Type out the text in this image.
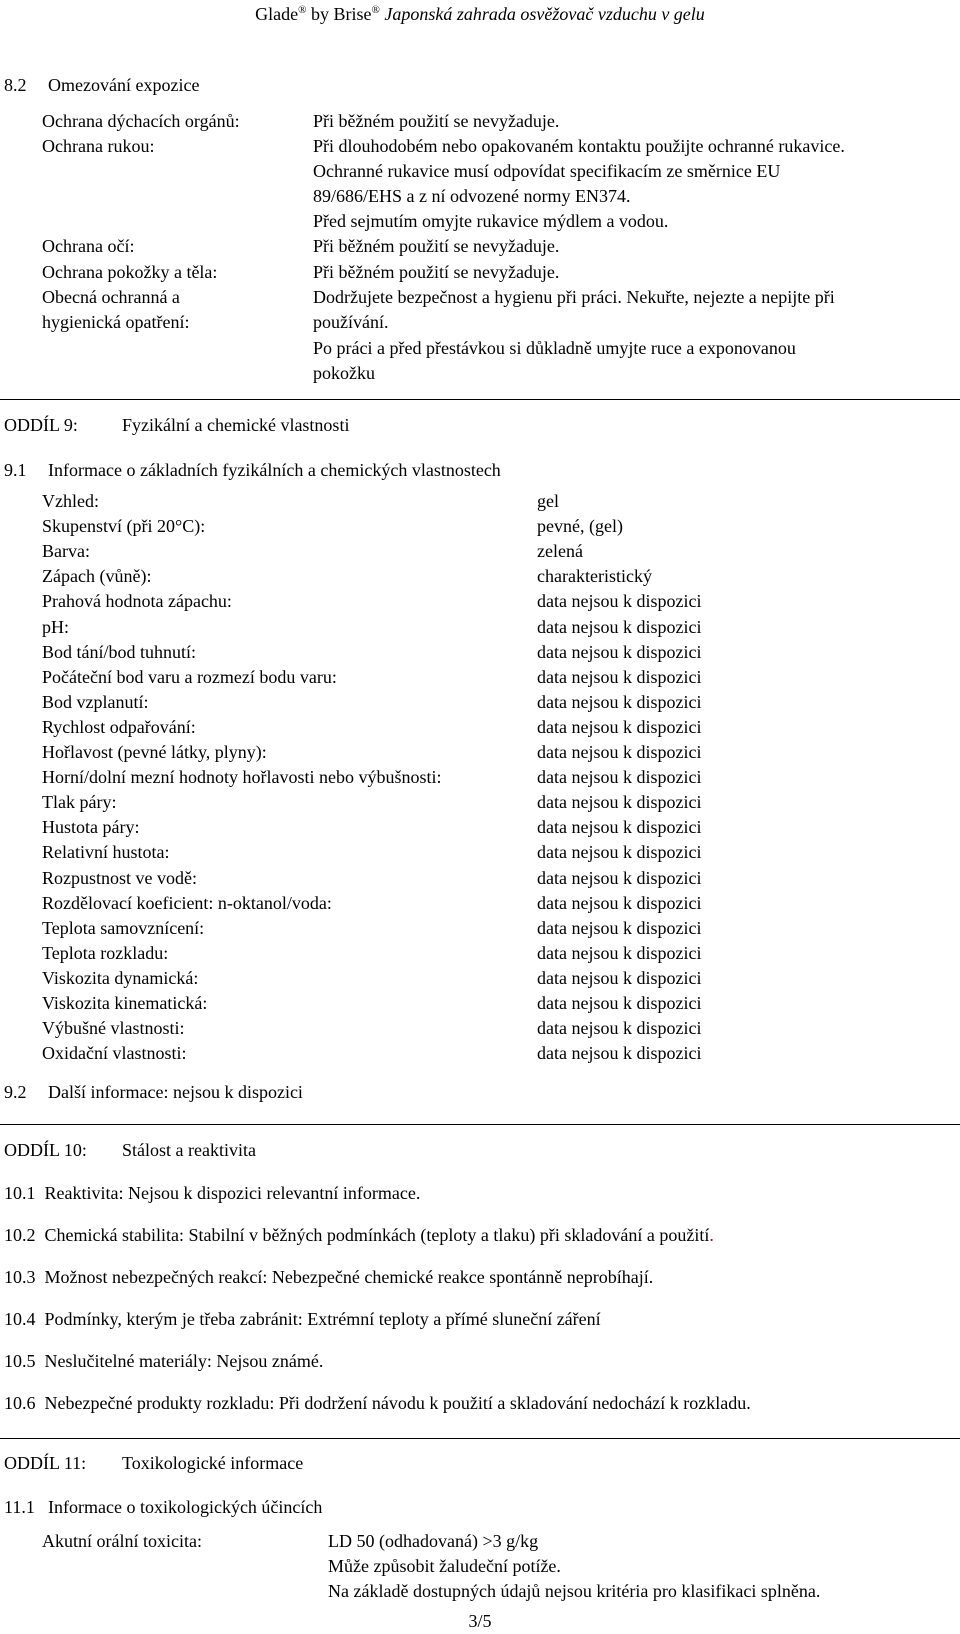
Glade® by Brise® Japonská zahrada osvěžovač vzduchu v gelu
8.2 Omezování expozice
Ochrana dýchacích orgánů:	Při běžném použití se nevyžaduje.
Ochrana rukou:	Při dlouhodobém nebo opakovaném kontaktu použijte ochranné rukavice.
Ochranné rukavice musí odpovídat specifikacím ze směrnice EU
89/686/EHS a z ní odvozené normy EN374.
Před sejmutím omyjte rukavice mýdlem a vodou.
Ochrana očí:	Při běžném použití se nevyžaduje.
Ochrana pokožky a těla:	Při běžném použití se nevyžaduje.
Obecná ochranná a
hygienická opatření:
Dodržujete bezpečnost a hygienu při práci. Nekuřte, nejezte a nepijte při
používání.
Po práci a před přestávkou si důkladně umyjte ruce a exponovanou
pokožku
ODDÍL 9: Fyzikální a chemické vlastnosti
9.1 Informace o základních fyzikálních a chemických vlastnostech
Vzhled:	gel
Skupenství (při 20°C):	pevné, (gel)
Barva:	zelená
Zápach (vůně):	charakteristický
Prahová hodnota zápachu:	data nejsou k dispozici
pH:	data nejsou k dispozici
Bod tání/bod tuhnutí:	data nejsou k dispozici
Počáteční bod varu a rozmezí bodu varu:	data nejsou k dispozici
Bod vzplanutí:	data nejsou k dispozici
Rychlost odpařování:	data nejsou k dispozici
Hořlavost (pevné látky, plyny):	data nejsou k dispozici
Horní/dolní mezní hodnoty hořlavosti nebo výbušnosti:	data nejsou k dispozici
Tlak páry:	data nejsou k dispozici
Hustota páry:	data nejsou k dispozici
Relativní hustota:	data nejsou k dispozici
Rozpustnost ve vodě:	data nejsou k dispozici
Rozdělovací koeficient: n-oktanol/voda:	data nejsou k dispozici
Teplota samovznícení:	data nejsou k dispozici
Teplota rozkladu:	data nejsou k dispozici
Viskozita dynamická:	data nejsou k dispozici
Viskozita kinematická:	data nejsou k dispozici
Výbušné vlastnosti:	data nejsou k dispozici
Oxidační vlastnosti:	data nejsou k dispozici
9.2 Další informace: nejsou k dispozici
ODDÍL 10: Stálost a reaktivita
10.1 Reaktivita: Nejsou k dispozici relevantní informace.
10.2 Chemická stabilita: Stabilní v běžných podmínkách (teploty a tlaku) při skladování a použití.
10.3 Možnost nebezpečných reakcí: Nebezpečné chemické reakce spontánně neprobíhají.
10.4 Podmínky, kterým je třeba zabránit: Extrémní teploty a přímé sluneční záření
10.5 Neslučitelné materiály: Nejsou známé.
10.6 Nebezpečné produkty rozkladu: Při dodržení návodu k použití a skladování nedochází k rozkladu.
ODDÍL 11: Toxikologické informace
11.1 Informace o toxikologických účincích
Akutní orální toxicita:	LD 50 (odhadovaná) >3 g/kg
Může způsobit žaludeční potíže.
Na základě dostupných údajů nejsou kritéria pro klasifikaci splněna.
3/5
